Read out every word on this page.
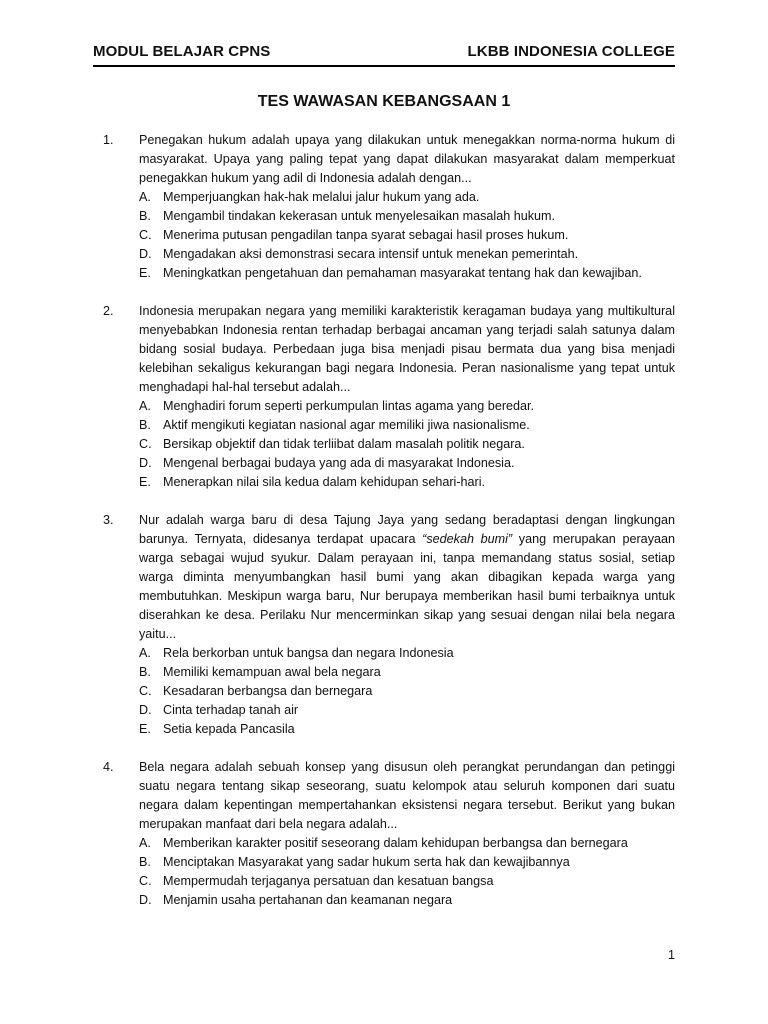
MODUL BELAJAR CPNS	LKBB INDONESIA COLLEGE
TES WAWASAN KEBANGSAAN 1
1.	Penegakan hukum adalah upaya yang dilakukan untuk menegakkan norma-norma hukum di masyarakat. Upaya yang paling tepat yang dapat dilakukan masyarakat dalam memperkuat penegakkan hukum yang adil di Indonesia adalah dengan...
A. Memperjuangkan hak-hak melalui jalur hukum yang ada.
B. Mengambil tindakan kekerasan untuk menyelesaikan masalah hukum.
C. Menerima putusan pengadilan tanpa syarat sebagai hasil proses hukum.
D. Mengadakan aksi demonstrasi secara intensif untuk menekan pemerintah.
E. Meningkatkan pengetahuan dan pemahaman masyarakat tentang hak dan kewajiban.
2.	Indonesia merupakan negara yang memiliki karakteristik keragaman budaya yang multikultural menyebabkan Indonesia rentan terhadap berbagai ancaman yang terjadi salah satunya dalam bidang sosial budaya. Perbedaan juga bisa menjadi pisau bermata dua yang bisa menjadi kelebihan sekaligus kekurangan bagi negara Indonesia. Peran nasionalisme yang tepat untuk menghadapi hal-hal tersebut adalah...
A. Menghadiri forum seperti perkumpulan lintas agama yang beredar.
B. Aktif mengikuti kegiatan nasional agar memiliki jiwa nasionalisme.
C. Bersikap objektif dan tidak terliibat dalam masalah politik negara.
D. Mengenal berbagai budaya yang ada di masyarakat Indonesia.
E. Menerapkan nilai sila kedua dalam kehidupan sehari-hari.
3.	Nur adalah warga baru di desa Tajung Jaya yang sedang beradaptasi dengan lingkungan barunya. Ternyata, didesanya terdapat upacara “sedekah bumi” yang merupakan perayaan warga sebagai wujud syukur. Dalam perayaan ini, tanpa memandang status sosial, setiap warga diminta menyumbangkan hasil bumi yang akan dibagikan kepada warga yang membutuhkan. Meskipun warga baru, Nur berupaya memberikan hasil bumi terbaiknya untuk diserahkan ke desa. Perilaku Nur mencerminkan sikap yang sesuai dengan nilai bela negara yaitu...
A. Rela berkorban untuk bangsa dan negara Indonesia
B. Memiliki kemampuan awal bela negara
C. Kesadaran berbangsa dan bernegara
D. Cinta terhadap tanah air
E. Setia kepada Pancasila
4.	Bela negara adalah sebuah konsep yang disusun oleh perangkat perundangan dan petinggi suatu negara tentang sikap seseorang, suatu kelompok atau seluruh komponen dari suatu negara dalam kepentingan mempertahankan eksistensi negara tersebut. Berikut yang bukan merupakan manfaat dari bela negara adalah...
A. Memberikan karakter positif seseorang dalam kehidupan berbangsa dan bernegara
B. Menciptakan Masyarakat yang sadar hukum serta hak dan kewajibannya
C. Mempermudah terjaganya persatuan dan kesatuan bangsa
D. Menjamin usaha pertahanan dan keamanan negara
1
